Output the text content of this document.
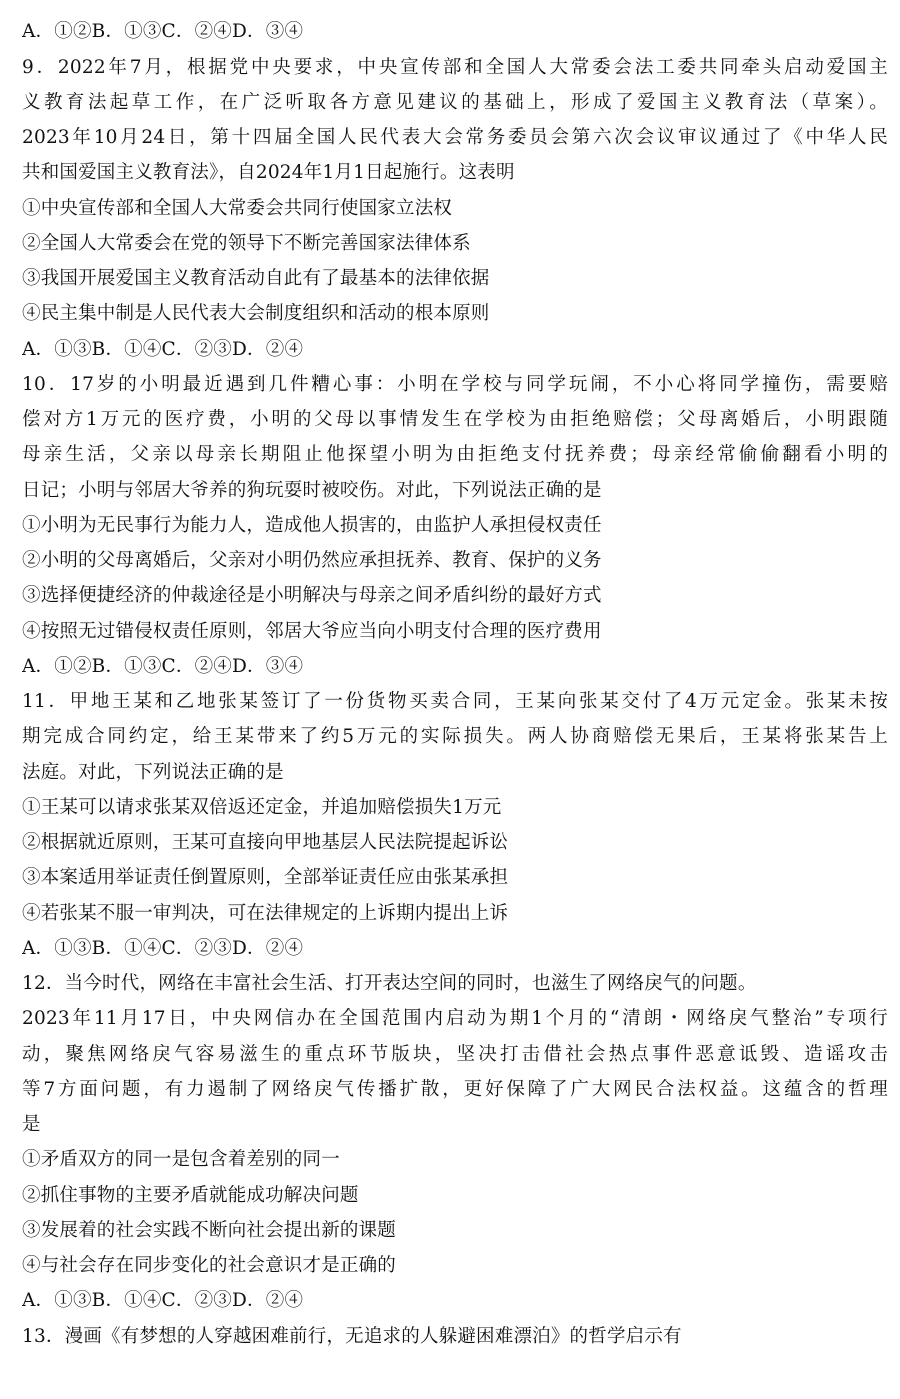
A．①②B．①③C．②④D．③④
9．2022年7月，根据党中央要求，中央宣传部和全国人大常委会法工委共同牵头启动爱国主
义教育法起草工作，在广泛听取各方意见建议的基础上，形成了爱国主义教育法（草案）。
2023年10月24日，第十四届全国人民代表大会常务委员会第六次会议审议通过了《中华人民
共和国爱国主义教育法》，自2024年1月1日起施行。这表明
①中央宣传部和全国人大常委会共同行使国家立法权
②全国人大常委会在党的领导下不断完善国家法律体系
③我国开展爱国主义教育活动自此有了最基本的法律依据
④民主集中制是人民代表大会制度组织和活动的根本原则
A．①③B．①④C．②③D．②④
10．17岁的小明最近遇到几件糟心事：小明在学校与同学玩闹，不小心将同学撞伤，需要赔
偿对方1万元的医疗费，小明的父母以事情发生在学校为由拒绝赔偿；父母离婚后，小明跟随
母亲生活，父亲以母亲长期阻止他探望小明为由拒绝支付抚养费；母亲经常偷偷翻看小明的
日记；小明与邻居大爷养的狗玩耍时被咬伤。对此，下列说法正确的是
①小明为无民事行为能力人，造成他人损害的，由监护人承担侵权责任
②小明的父母离婚后，父亲对小明仍然应承担抚养、教育、保护的义务
③选择便捷经济的仲裁途径是小明解决与母亲之间矛盾纠纷的最好方式
④按照无过错侵权责任原则，邻居大爷应当向小明支付合理的医疗费用
A．①②B．①③C．②④D．③④
11．甲地王某和乙地张某签订了一份货物买卖合同，王某向张某交付了4万元定金。张某未按
期完成合同约定，给王某带来了约5万元的实际损失。两人协商赔偿无果后，王某将张某告上
法庭。对此，下列说法正确的是
①王某可以请求张某双倍返还定金，并追加赔偿损失1万元
②根据就近原则，王某可直接向甲地基层人民法院提起诉讼
③本案适用举证责任倒置原则，全部举证责任应由张某承担
④若张某不服一审判决，可在法律规定的上诉期内提出上诉
A．①③B．①④C．②③D．②④
12．当今时代，网络在丰富社会生活、打开表达空间的同时，也滋生了网络戾气的问题。
2023年11月17日，中央网信办在全国范围内启动为期1个月的“清朗・网络戾气整治”专项行
动，聚焦网络戾气容易滋生的重点环节版块，坚决打击借社会热点事件恶意诋毁、造谣攻击
等7方面问题，有力遏制了网络戾气传播扩散，更好保障了广大网民合法权益。这蕴含的哲理
是
①矛盾双方的同一是包含着差别的同一
②抓住事物的主要矛盾就能成功解决问题
③发展着的社会实践不断向社会提出新的课题
④与社会存在同步变化的社会意识才是正确的
A．①③B．①④C．②③D．②④
13．漫画《有梦想的人穿越困难前行，无追求的人躲避困难漂泊》的哲学启示有
